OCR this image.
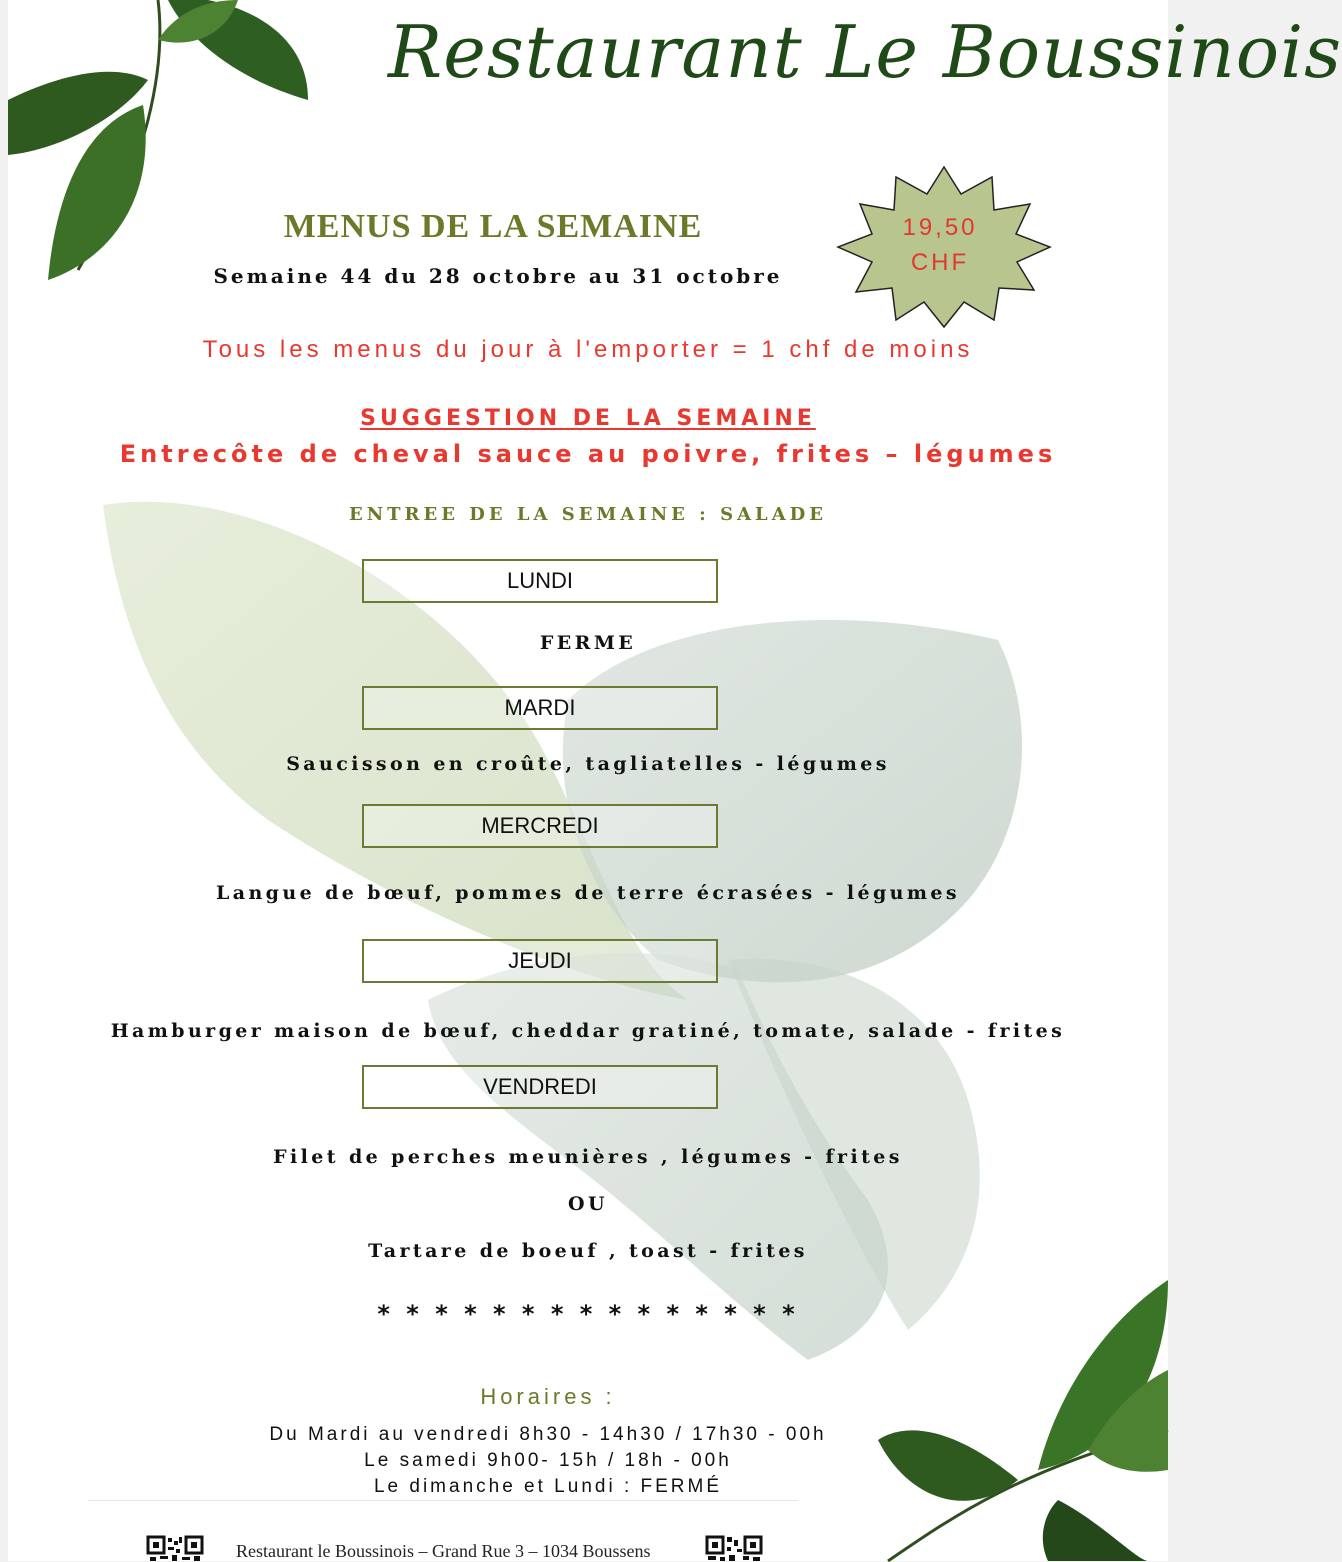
Restaurant Le Boussinois
MENUS DE LA SEMAINE
Semaine 44 du 28 octobre au 31 octobre
19,50
CHF
Tous les menus du jour à l'emporter = 1 chf de moins
SUGGESTION DE LA SEMAINE
Entrecôte de cheval sauce au poivre, frites – légumes
ENTREE DE LA SEMAINE : SALADE
LUNDI
FERME
MARDI
Saucisson en croûte, tagliatelles - légumes
MERCREDI
Langue de bœuf, pommes de terre écrasées - légumes
JEUDI
Hamburger maison de bœuf, cheddar gratiné, tomate, salade - frites
VENDREDI
Filet de perches meunières , légumes - frites
OU
Tartare de boeuf , toast - frites
* * * * * * * * * * * * * * *
Horaires :
Du Mardi au vendredi 8h30 - 14h30 / 17h30 - 00h
Le samedi 9h00- 15h / 18h - 00h
Le dimanche et Lundi : FERMÉ
Restaurant le Boussinois – Grand Rue 3 – 1034 Boussens
